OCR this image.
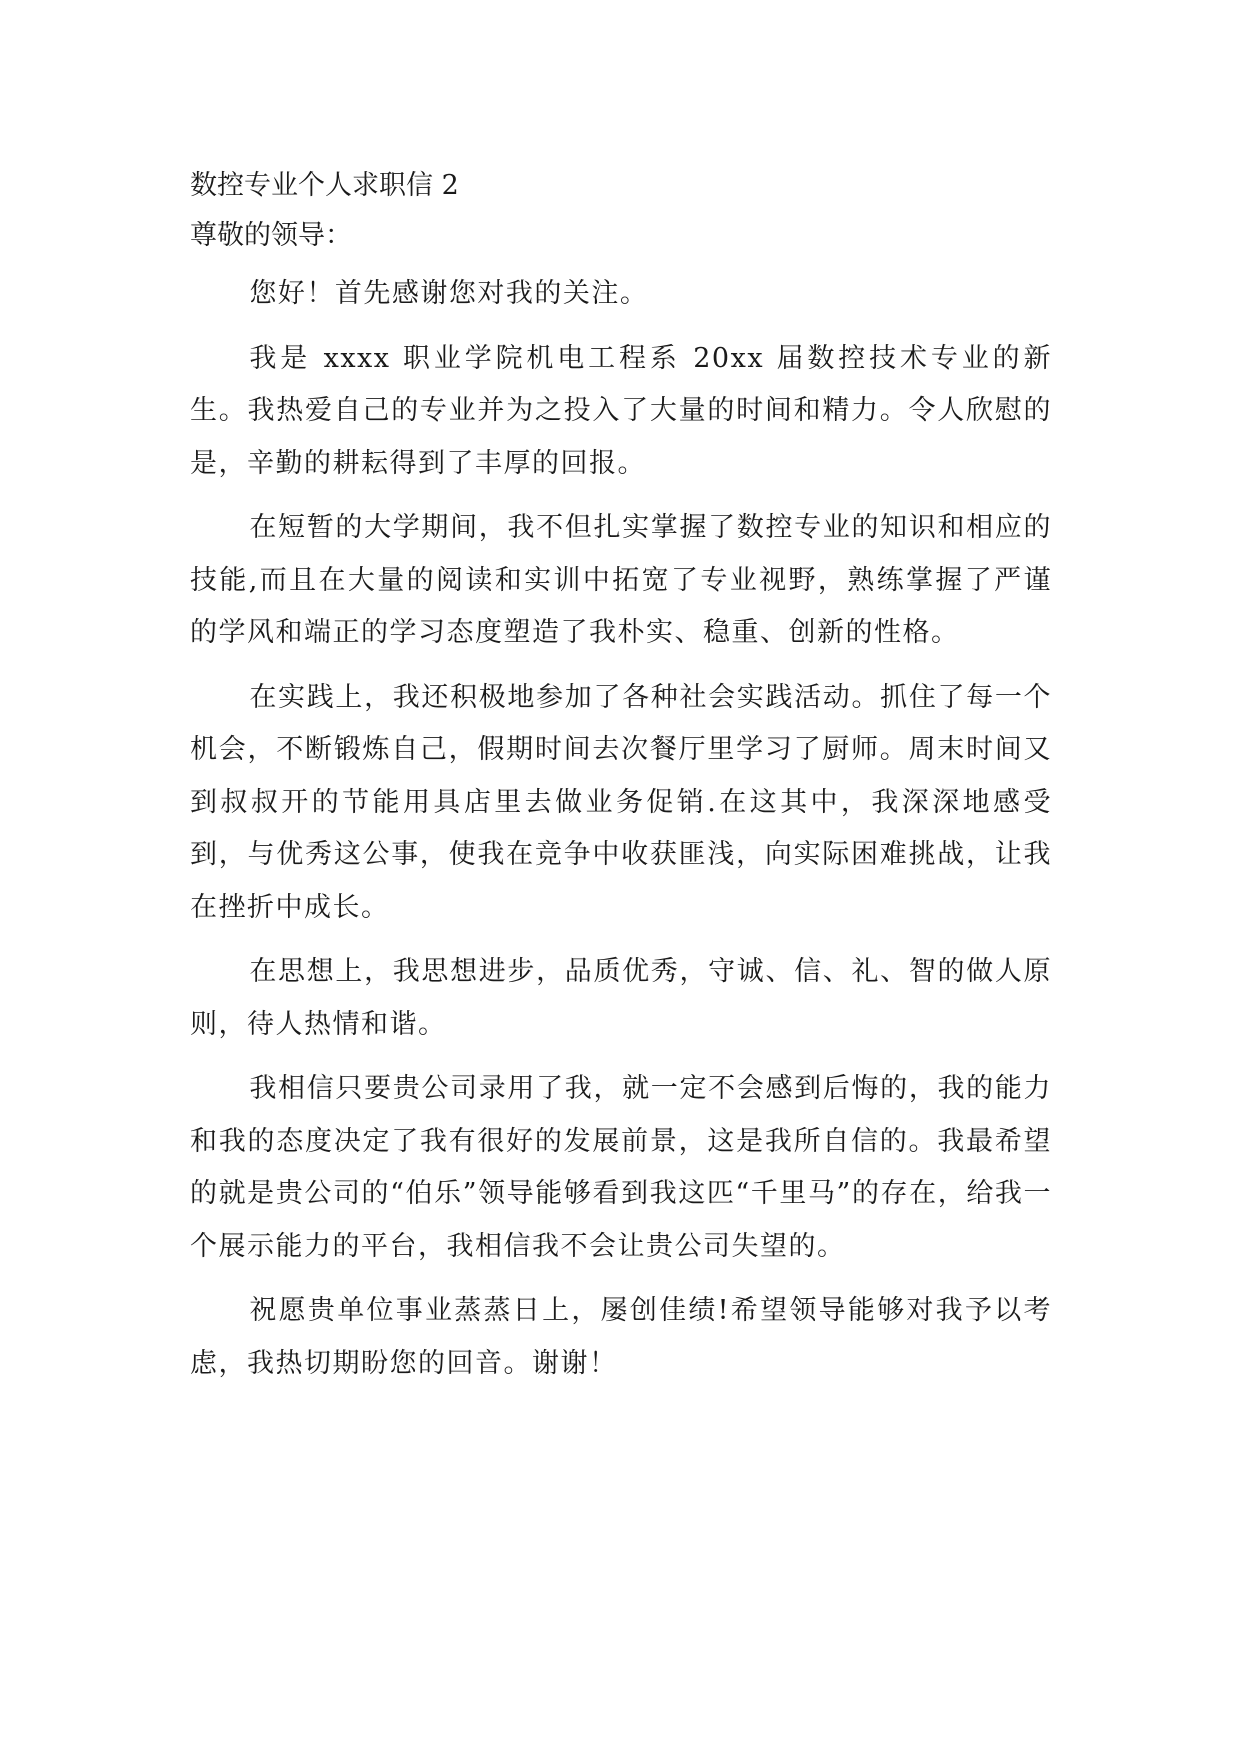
数控专业个人求职信 2
尊敬的领导：

您好！首先感谢您对我的关注。

我是 xxxx 职业学院机电工程系 20xx 届数控技术专业的新生。我热爱自己的专业并为之投入了大量的时间和精力。令人欣慰的是，辛勤的耕耘得到了丰厚的回报。

在短暂的大学期间，我不但扎实掌握了数控专业的知识和相应的技能,而且在大量的阅读和实训中拓宽了专业视野，熟练掌握了严谨的学风和端正的学习态度塑造了我朴实、稳重、创新的性格。

在实践上，我还积极地参加了各种社会实践活动。抓住了每一个机会，不断锻炼自己，假期时间去次餐厅里学习了厨师。周末时间又到叔叔开的节能用具店里去做业务促销.在这其中，我深深地感受到，与优秀这公事，使我在竞争中收获匪浅，向实际困难挑战，让我在挫折中成长。

在思想上，我思想进步，品质优秀，守诚、信、礼、智的做人原则，待人热情和谐。

我相信只要贵公司录用了我，就一定不会感到后悔的，我的能力和我的态度决定了我有很好的发展前景，这是我所自信的。我最希望的就是贵公司的“伯乐”领导能够看到我这匹“千里马”的存在，给我一个展示能力的平台，我相信我不会让贵公司失望的。

祝愿贵单位事业蒸蒸日上，屡创佳绩!希望领导能够对我予以考虑，我热切期盼您的回音。谢谢！
